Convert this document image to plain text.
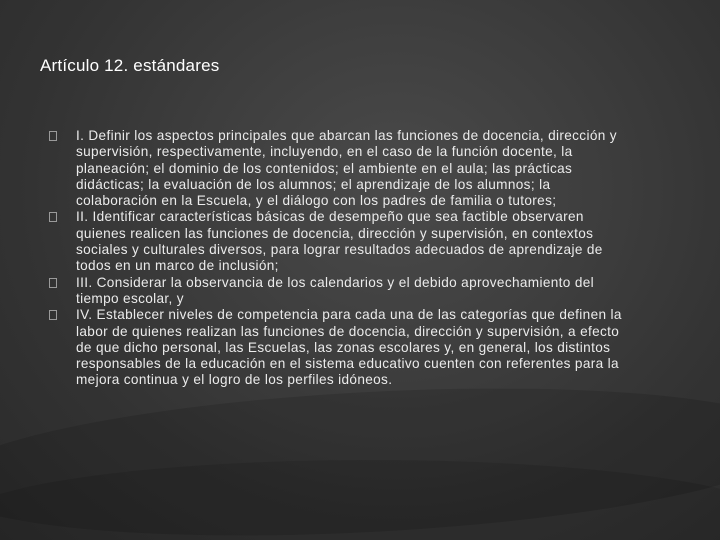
Artículo 12. estándares
I. Definir los aspectos principales que abarcan las funciones de docencia, dirección y supervisión, respectivamente, incluyendo, en el caso de la función docente, la planeación; el dominio de los contenidos; el ambiente en el aula; las prácticas didácticas; la evaluación de los alumnos; el aprendizaje de los alumnos; la colaboración en la Escuela, y el diálogo con los padres de familia o tutores;
II. Identificar características básicas de desempeño que sea factible observaren quienes realicen las funciones de docencia, dirección y supervisión, en contextos sociales y culturales diversos, para lograr resultados adecuados de aprendizaje de todos en un marco de inclusión;
III. Considerar la observancia de los calendarios y el debido aprovechamiento del tiempo escolar, y
IV. Establecer niveles de competencia para cada una de las categorías que definen la labor de quienes realizan las funciones de docencia, dirección y supervisión, a efecto de que dicho personal, las Escuelas, las zonas escolares y, en general, los distintos responsables de la educación en el sistema educativo cuenten con referentes para la mejora continua y el logro de los perfiles idóneos.
